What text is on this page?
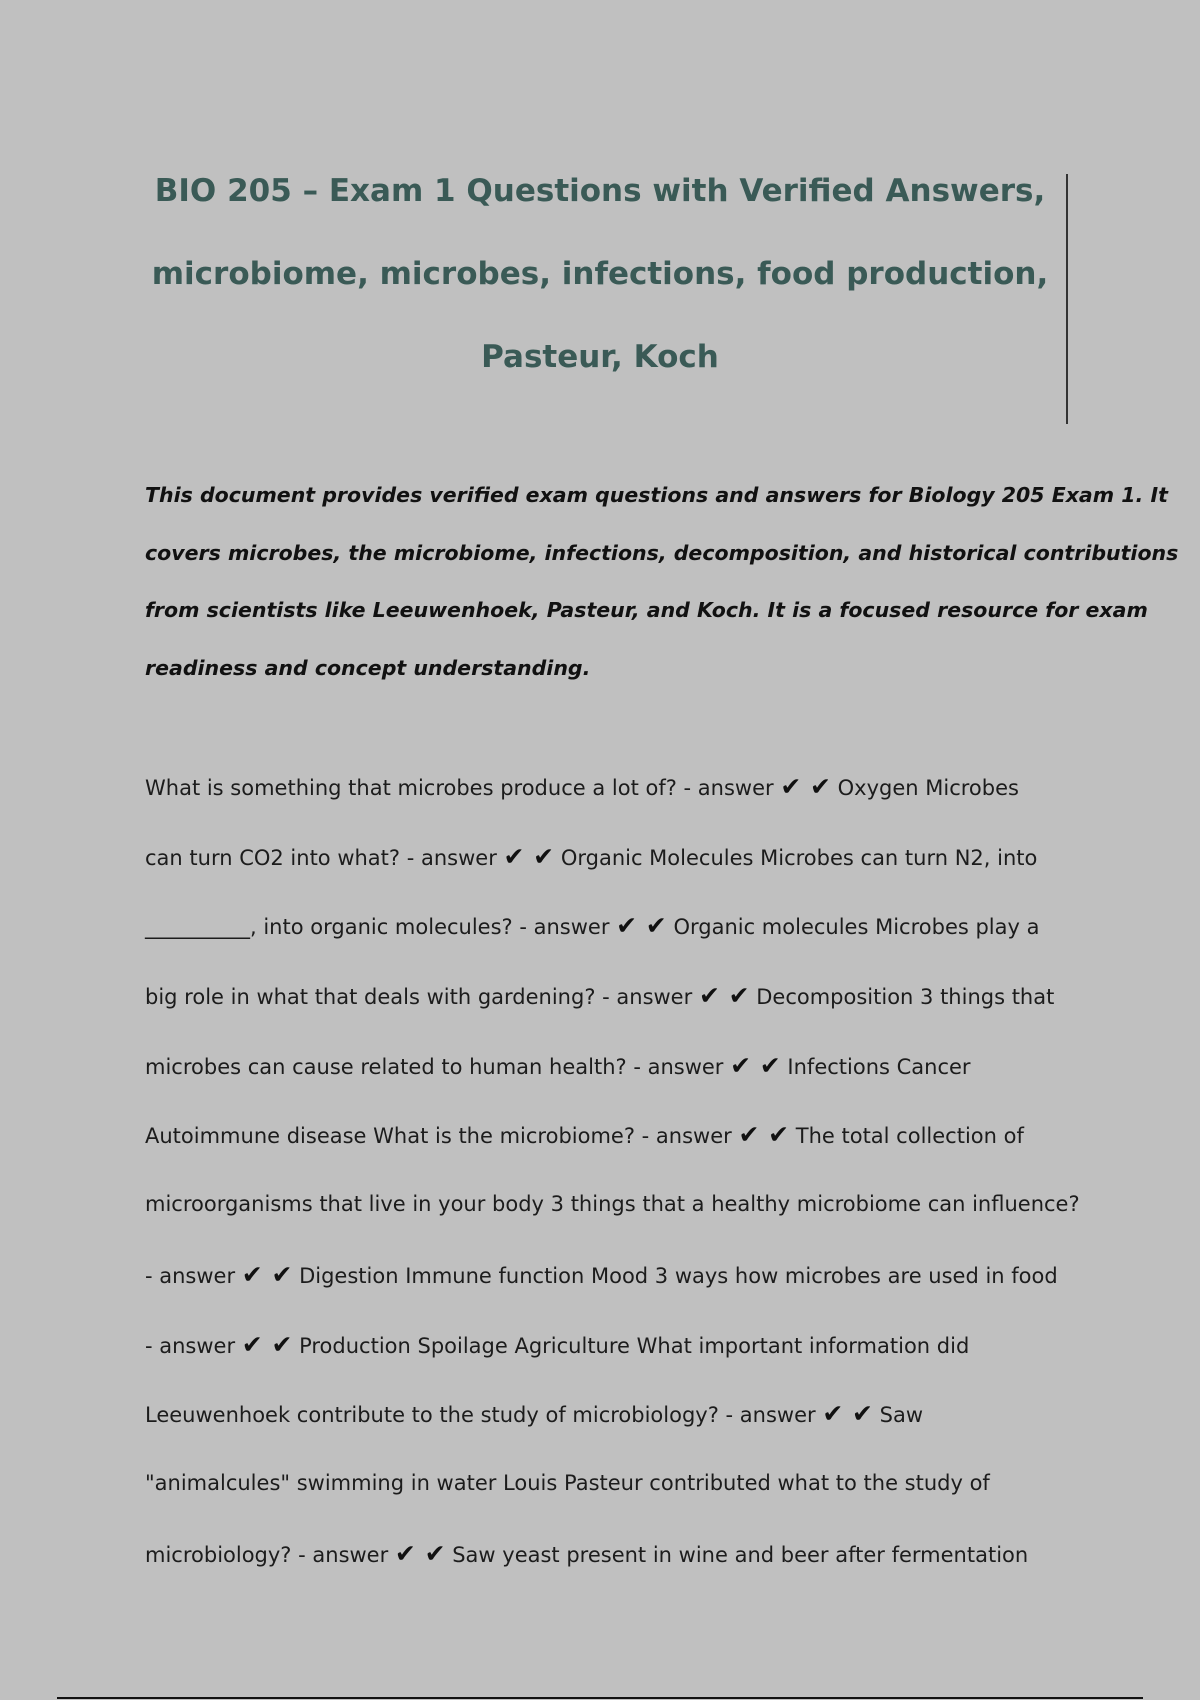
BIO 205 – Exam 1 Questions with Verified Answers,
microbiome, microbes, infections, food production,
Pasteur, Koch
This document provides verified exam questions and answers for Biology 205 Exam 1. It
covers microbes, the microbiome, infections, decomposition, and historical contributions
from scientists like Leeuwenhoek, Pasteur, and Koch. It is a focused resource for exam
readiness and concept understanding.
What is something that microbes produce a lot of? - answer ✔ ✔ Oxygen Microbes
can turn CO2 into what? - answer ✔ ✔ Organic Molecules Microbes can turn N2, into
__________, into organic molecules? - answer ✔ ✔ Organic molecules Microbes play a
big role in what that deals with gardening? - answer ✔ ✔ Decomposition 3 things that
microbes can cause related to human health? - answer ✔ ✔ Infections Cancer
Autoimmune disease What is the microbiome? - answer ✔ ✔ The total collection of
microorganisms that live in your body 3 things that a healthy microbiome can influence?
- answer ✔ ✔ Digestion Immune function Mood 3 ways how microbes are used in food
- answer ✔ ✔ Production Spoilage Agriculture What important information did
Leeuwenhoek contribute to the study of microbiology? - answer ✔ ✔ Saw
"animalcules" swimming in water Louis Pasteur contributed what to the study of
microbiology? - answer ✔ ✔ Saw yeast present in wine and beer after fermentation
